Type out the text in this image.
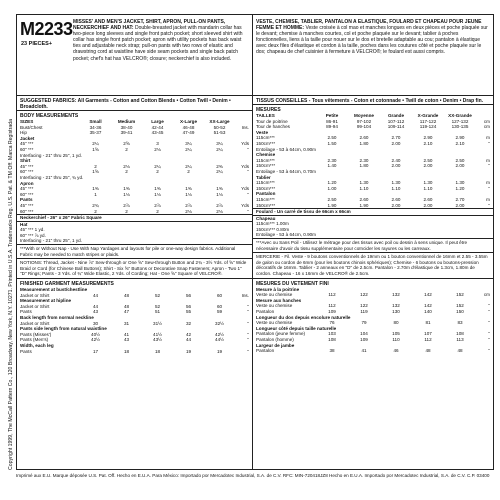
Copyright 1999, The McCall Pattern Co., 120 Broadway, New York, N.Y. 10271. Printed in U.S.A. Trademarks Reg. U.S. Pat. & TM Off. Marca Registrada
M2233
23 PIECES+
MISSES' AND MEN'S JACKET, SHIRT, APRON, PULL-ON PANTS, NECKERCHIEF AND HAT: Double-breasted jacket with mandarin collar has two-piece long sleeves and single front patch pocket; short sleeved shirt with collar has single front patch pocket; apron with utility pockets has back waist ties and adjustable neck strap; pull-on pants with two rows of elastic and drawstring cord at waistline have side seam pockets and single back patch pocket; chef's hat has VELCRO®; closure; neckerchief is also included.
SUGGESTED FABRICS: All Garments - Cotton and Cotton Blends • Cotton Twill • Denim • Broadcloth.
BODY MEASUREMENTS
SIZES	Small	Medium	Large	X-Large	XX-Large
Bust/Chest	34-36	38-40	42-44	46-48	50-52	Ins.
Hip	35-37	39-41	43-45	47-49	51-53
Jacket
45" ***	2¼	2⅝	3	3¼	3¼	Yds
60" ***	1⅝	2	2⅛	2¼	2¼	"
Interfacing - 21" thru 25", 1 yd.
Shirt
45" ***	2	2⅛	2¼	2¼	2⅜	Yds
60" ***	1⅝	2	2	2	2¼	"
Interfacing - 21" thru 25", ¾ yd.
Apron
45" ***	1⅜	1⅜	1⅜	1⅜	1⅜	Yds
60" ***	1	1⅛	1⅛	1⅛	1⅛	"
Pants
45" ***	2¾	2⅞	2⅞	2⅞	2⅞	Yds
60" ***	2	2	2	2⅛	2⅛	"
Neckerchief - 26" x 26" Fabric Square
Hat
45" *** 1 yd.
60" *** ⅞ yd.
Interfacing - 21" thru 25", 1 yd.
***With or Without Nap - Use With Nap Yardages and layouts for pile or one-way design fabrics. Additional Fabric may be needed to match stripes or plaids.
NOTIONS: Thread, Jacket - Nine ⅞" Sew-through or One ⅝" Sew-through Button and 2¾ - 3½ Yds. of ⅝" Wide Braid or Cord (for Chinese Ball Buttons); Shirt - Six ⅝" Buttons or Decorative Snap Fasteners; Apron - Two 1" "D" Rings; Pants - 3 Yds. of ¾" Wide Elastic, 2 Yds. of Cording; Hat - One ⅝" Square of VELCRO®.
FINISHED GARMENT MEASUREMENTS
Measurement at bust/chestline
Jacket or Shirt	44	48	52	56	60	Ins.
Measurement at hipline
Jacket or Shirt	44	48	52	56	60	"
Pants	43	47	51	55	59	"
Back length from normal neckline
Jacket or Shirt	30	31	31½	32	32½	"
Pants side length from natural waistline
Pants (Misses')	40½	41	41½	42	42½	"
Pants (Men's)	42½	43	43½	44	44½	"
Width, each leg
Pants	17	18	18	19	19	"
VESTE, CHEMISE, TABLIER, PANTALON A ELASTIQUE, FOULARD ET CHAPEAU POUR JEUNE FEMME ET HOMME: Veste croisée à col mao et manches longues en deux pièces et poche plaquée sur le devant; chemise à manches courtes, col et poche plaquée sur le devant; tablier à poches fonctionnelles, liens à la taille pour nouer sur le dos et bretelle adaptable au cou; pantalon à élastique avec deux files d'élastique et cordon à la taille, poches dans les coutures côté et poche plaquée sur le dos; chapeau de chef cuisinier à fermeture à VELCRO®; le foulard est aussi compris.
TISSUS CONSEILLES - Tous vêtements - Coton et cotonnade • Twill de coton • Denim • Drap fin.
MESURES
TAILLES	Petite	Moyenne	Grande	X-Grande	XX-Grande
Tour de poitrine	86-91	97-102	107-112	117-122	127-132	cm
Tour de hanches	89-94	99-104	109-114	119-124	130-135	cm
Veste
115cm***	2.50	2.60	2.70	2.90	2.90	m
150cm***	1.50	1.80	2.00	2.10	2.10	"
Entoilage - 53 à 64cm, 0.90m
Chemise
115cm***	2.30	2.30	2.40	2.50	2.50	m
150cm***	1.40	1.80	2.00	2.00	2.00	"
Entoilage - 53 à 64cm, 0.70m
Tablier
115cm***	1.20	1.30	1.30	1.30	1.30	m
150cm***	1.00	1.10	1.10	1.10	1.20	"
Pantalon
115cm***	2.50	2.60	2.60	2.60	2.70	m
150cm***	1.90	1.90	2.00	2.00	2.00	"
Foulard - Un carré de tissu de 66cm x 66cm
Chapeau
115cm*** 1.00m
150cm*** 0.80m
Entoilage - 53 à 64cm, 0.90m
***Avec ou Sans Poil - Utilisez le métrage pour des tissus avec poil ou dessin à sens unique. Il peut être nécessaire d'avoir du tissu supplémentaire pour coïncider les rayures ou les carreaux.
MERCERIE - Fil. Veste - 9 boutons conventionnels de 19mm ou 1 bouton conventionnel de 16mm et 2.55 - 3.55m de galon ou cordon de 6mm (pour les boutons chinois sphériques); Chemise - 6 boutons ou boutons-pression décoratifs de 16mm. Tablier - 2 anneaux en "D" de 2.5cm. Pantalon - 2.70m d'élastique de 1.3cm, 1.80m de cordon. Chapeau - 16 x 16mm de VELCRO® de 2.5cm.
MESURES DU VETEMENT FINI
Mesure à la poitrine
Veste ou chemise	112	122	132	142	152	cm
Mesure aux hanches
Veste ou chemise	112	122	132	142	152	"
Pantalon	109	119	130	140	150	"
Longueur du dos depuis encolure naturelle
Veste ou chemise	76	79	80	81	83	"
Longueur côté depuis taille naturelle
Pantalon (jeune femme)	103	104	105	107	108	"
Pantalon (homme)	108	109	110	112	113	"
Largeur de jambe
Pantalon	38	41	46	48	48	"
Imprimé aux E.U. Marque déposée U.S. Pat. Off. Hecho en E.U.A. Para México: Importado por Mercadotec Industrial, S.A. de C.V. RFC: MIN-720418JZ8 Hecho en E.U.A. Importado por Mercadotec Industrial, S.A. de C.V. C.P. 03400
